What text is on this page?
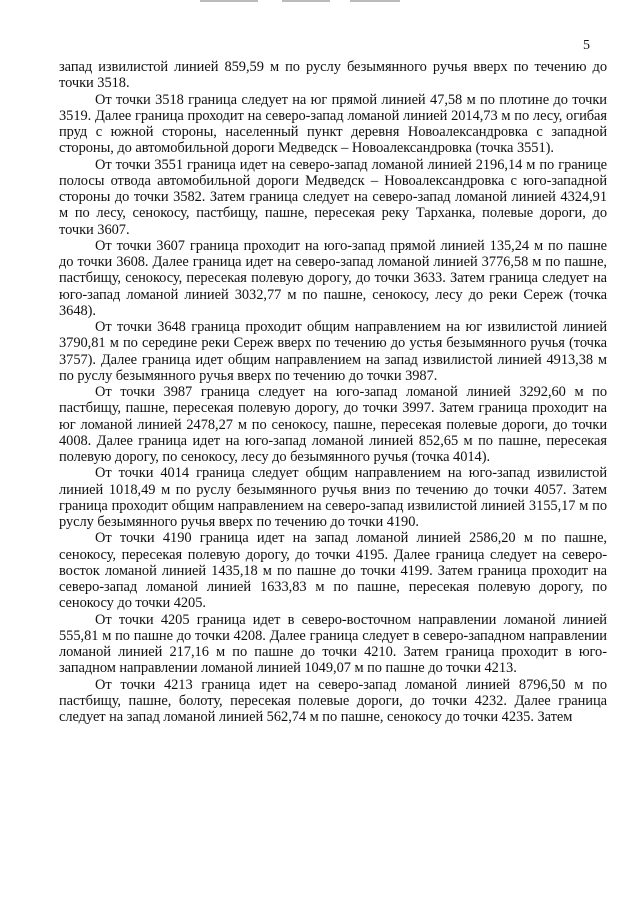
5

запад извилистой линией 859,59 м по руслу безымянного ручья вверх по течению до точки 3518.

От точки 3518 граница следует на юг прямой линией 47,58 м по плотине до точки 3519. Далее граница проходит на северо-запад ломаной линией 2014,73 м по лесу, огибая пруд с южной стороны, населенный пункт деревня Новоалександровка с западной стороны, до автомобильной дороги Медведск – Новоалександровка (точка 3551).

От точки 3551 граница идет на северо-запад ломаной линией 2196,14 м по границе полосы отвода автомобильной дороги Медведск – Новоалександровка с юго-западной стороны до точки 3582. Затем граница следует на северо-запад ломаной линией 4324,91 м по лесу, сенокосу, пастбищу, пашне, пересекая реку Тарханка, полевые дороги, до точки 3607.

От точки 3607 граница проходит на юго-запад прямой линией 135,24 м по пашне до точки 3608. Далее граница идет на северо-запад ломаной линией 3776,58 м по пашне, пастбищу, сенокосу, пересекая полевую дорогу, до точки 3633. Затем граница следует на юго-запад ломаной линией 3032,77 м по пашне, сенокосу, лесу до реки Сереж (точка 3648).

От точки 3648 граница проходит общим направлением на юг извилистой линией 3790,81 м по середине реки Сереж вверх по течению до устья безымянного ручья (точка 3757). Далее граница идет общим направлением на запад извилистой линией 4913,38 м по руслу безымянного ручья вверх по течению до точки 3987.

От точки 3987 граница следует на юго-запад ломаной линией 3292,60 м по пастбищу, пашне, пересекая полевую дорогу, до точки 3997. Затем граница проходит на юг ломаной линией 2478,27 м по сенокосу, пашне, пересекая полевые дороги, до точки 4008. Далее граница идет на юго-запад ломаной линией 852,65 м по пашне, пересекая полевую дорогу, по сенокосу, лесу до безымянного ручья (точка 4014).

От точки 4014 граница следует общим направлением на юго-запад извилистой линией 1018,49 м по руслу безымянного ручья вниз по течению до точки 4057. Затем граница проходит общим направлением на северо-запад извилистой линией 3155,17 м по руслу безымянного ручья вверх по течению до точки 4190.

От точки 4190 граница идет на запад ломаной линией 2586,20 м по пашне, сенокосу, пересекая полевую дорогу, до точки 4195. Далее граница следует на северо-восток ломаной линией 1435,18 м по пашне до точки 4199. Затем граница проходит на северо-запад ломаной линией 1633,83 м по пашне, пересекая полевую дорогу, по сенокосу до точки 4205.

От точки 4205 граница идет в северо-восточном направлении ломаной линией 555,81 м по пашне до точки 4208. Далее граница следует в северо-западном направлении ломаной линией 217,16 м по пашне до точки 4210. Затем граница проходит в юго-западном направлении ломаной линией 1049,07 м по пашне до точки 4213.

От точки 4213 граница идет на северо-запад ломаной линией 8796,50 м по пастбищу, пашне, болоту, пересекая полевые дороги, до точки 4232. Далее граница следует на запад ломаной линией 562,74 м по пашне, сенокосу до точки 4235. Затем
